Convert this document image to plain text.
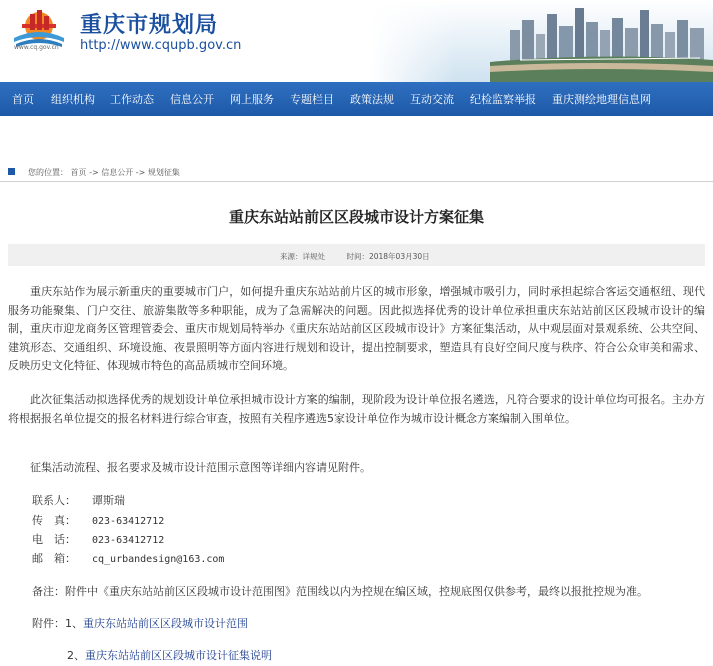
www.cq.gov.cn
重庆市规划局
http://www.cqupb.gov.cn
首页 组织机构 工作动态 信息公开 网上服务 专题栏目 政策法规 互动交流 纪检监察举报 重庆测绘地理信息网
您的位置： 首页 -> 信息公开 -> 规划征集
重庆东站站前区区段城市设计方案征集
来源：详规处	时间：2018年03月30日
重庆东站作为展示新重庆的重要城市门户，如何提升重庆东站站前片区的城市形象，增强城市吸引力，同时承担起综合客运交通枢纽、现代服务功能聚集、门户交往、旅游集散等多种职能，成为了急需解决的问题。因此拟选择优秀的设计单位承担重庆东站站前区区段城市设计的编制，重庆市迎龙商务区管理管委会、重庆市规划局特举办《重庆东站站前区区段城市设计》方案征集活动，从中观层面对景观系统、公共空间、建筑形态、交通组织、环境设施、夜景照明等方面内容进行规划和设计，提出控制要求，塑造具有良好空间尺度与秩序、符合公众审美和需求、反映历史文化特征、体现城市特色的高品质城市空间环境。
此次征集活动拟选择优秀的规划设计单位承担城市设计方案的编制，现阶段为设计单位报名遴选，凡符合要求的设计单位均可报名。主办方将根据报名单位提交的报名材料进行综合审查，按照有关程序遴选5家设计单位作为城市设计概念方案编制入围单位。
征集活动流程、报名要求及城市设计范围示意图等详细内容请见附件。
联系人： 谭斯瑞
传　真： 023-63412712
电　话： 023-63412712
邮　箱： cq_urbandesign@163.com
备注：附件中《重庆东站站前区区段城市设计范围图》范围线以内为控规在编区域，控规底图仅供参考，最终以报批控规为准。
附件：1、重庆东站站前区区段城市设计范围
2、重庆东站站前区区段城市设计征集说明
